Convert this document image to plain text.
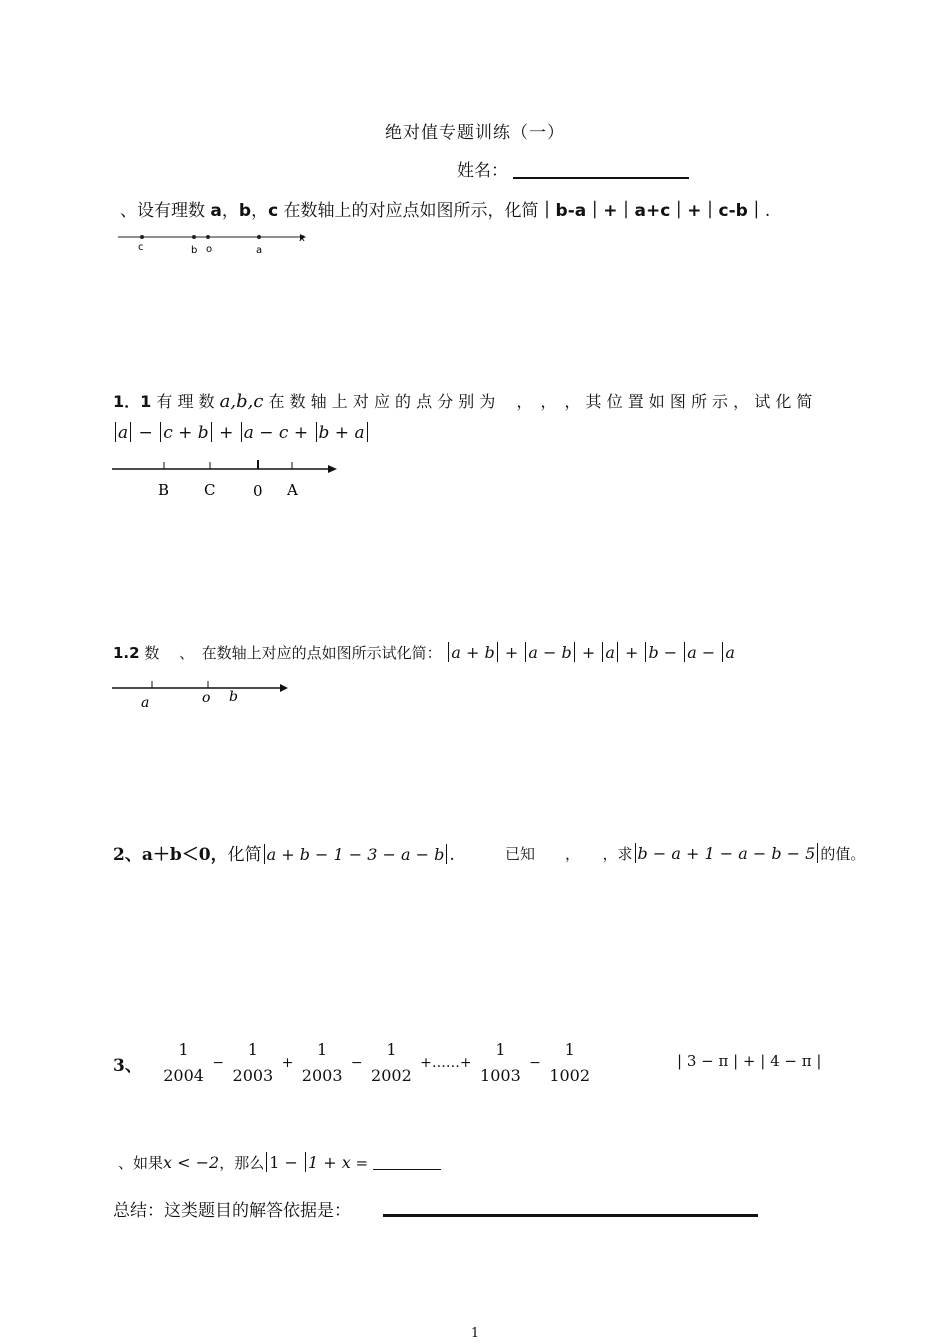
绝对值专题训练（一）
姓名：
、设有理数 a，b，c 在数轴上的对应点如图所示，化简｜b-a｜+｜a+c｜+｜c-b｜.
c	b o	a
x
1．1 有 理 数 a,b,c 在 数 轴 上 对 应 的 点 分 别 为 　，　，　， 其 位 置 如 图 所 示 ， 试 化 简
a − c + b + a − c + b + a
B C	0 A
1.2 数 　、　在数轴上对应的点如图所示试化简： a + b + a − b + a + b − a − a
a	o b
2、a＋b＜0，化简 a + b − 1 − 3 − a − b .	已知　　，　　，求 b − a + 1 − a − b − 5 的值。
3、
1
2004
−
1
2003
+
1
2003
−
1
2002
+……+
1
1003
−
1
1002
| 3 − π | + | 4 − π |
、如果x < −2，那么 1 − 1 + x =
总结：这类题目的解答依据是：
1
